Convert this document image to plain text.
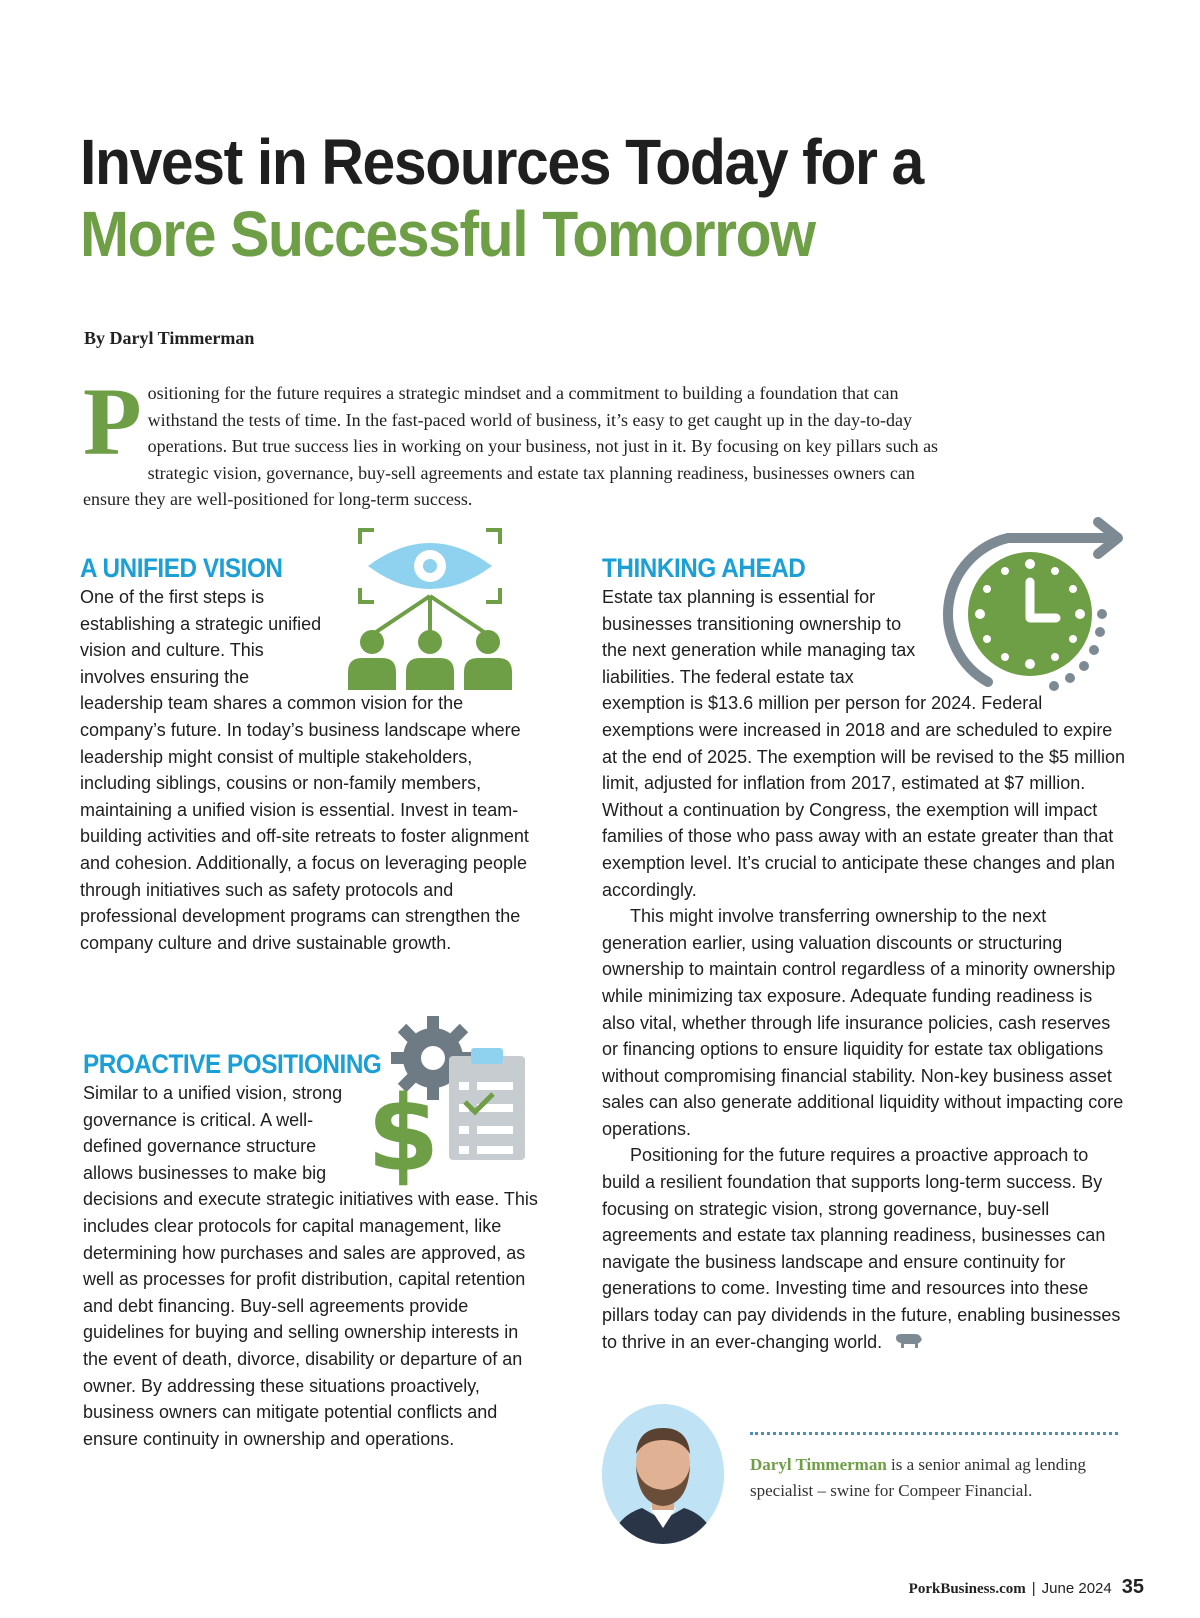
Invest in Resources Today for a
More Successful Tomorrow
By Daryl Timmerman
P ositioning for the future requires a strategic mindset and a commitment to building a foundation that can withstand the tests of time. In the fast-paced world of business, it’s easy to get caught up in the day-to-day operations. But true success lies in working on your business, not just in it. By focusing on key pillars such as strategic vision, governance, buy-sell agreements and estate tax planning readiness, businesses owners can ensure they are well-positioned for long-term success.
A UNIFIED VISION

One of the first steps is establishing a strategic unified vision and culture. This involves ensuring the leadership team shares a common vision for the company’s future. In today’s business landscape where leadership might consist of multiple stakeholders, including siblings, cousins or non-family members, maintaining a unified vision is essential. Invest in team-building activities and off-site retreats to foster alignment and cohesion. Additionally, a focus on leveraging people through initiatives such as safety protocols and professional development programs can strengthen the company culture and drive sustainable growth.

$
PROACTIVE POSITIONING

Similar to a unified vision, strong governance is critical. A well-defined governance structure allows businesses to make big decisions and execute strategic initiatives with ease. This includes clear protocols for capital management, like determining how purchases and sales are approved, as well as processes for profit distribution, capital retention and debt financing. Buy-sell agreements provide guidelines for buying and selling ownership interests in the event of death, divorce, disability or departure of an owner. By addressing these situations proactively, business owners can mitigate potential conflicts and ensure continuity in ownership and operations.

THINKING AHEAD

Estate tax planning is essential for businesses transitioning ownership to the next generation while managing tax liabilities. The federal estate tax exemption is $13.6 million per person for 2024. Federal exemptions were increased in 2018 and are scheduled to expire at the end of 2025. The exemption will be revised to the $5 million limit, adjusted for inflation from 2017, estimated at $7 million. Without a continuation by Congress, the exemption will impact families of those who pass away with an estate greater than that exemption level. It’s crucial to anticipate these changes and plan accordingly.

This might involve transferring ownership to the next generation earlier, using valuation discounts or structuring ownership to maintain control regardless of a minority ownership while minimizing tax exposure. Adequate funding readiness is also vital, whether through life insurance policies, cash reserves or financing options to ensure liquidity for estate tax obligations without compromising financial stability. Non-key business asset sales can also generate additional liquidity without impacting core operations.

Positioning for the future requires a proactive approach to build a resilient foundation that supports long-term success. By focusing on strategic vision, strong governance, buy-sell agreements and estate tax planning readiness, businesses can navigate the business landscape and ensure continuity for generations to come. Investing time and resources into these pillars today can pay dividends in the future, enabling businesses to thrive in an ever-changing world.

Daryl Timmerman is a senior animal ag lending specialist – swine for Compeer Financial.
PorkBusiness.com | June 2024 35
